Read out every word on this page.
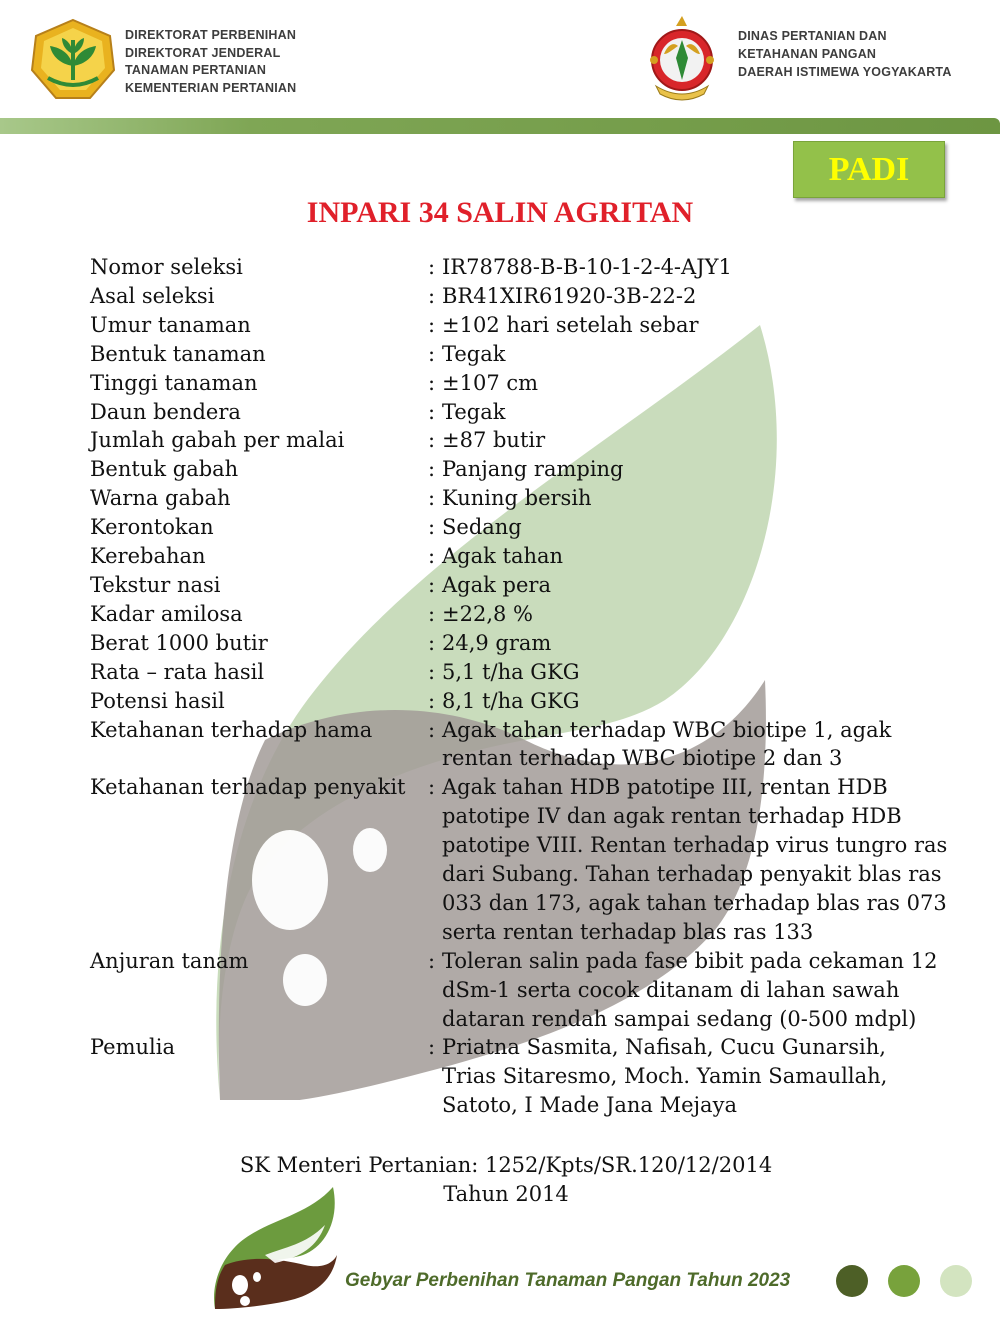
DIREKTORAT PERBENIHAN
DIREKTORAT JENDERAL
TANAMAN PERTANIAN
KEMENTERIAN PERTANIAN
DINAS PERTANIAN DAN
KETAHANAN PANGAN
DAERAH ISTIMEWA YOGYAKARTA
PADI
INPARI 34 SALIN AGRITAN
Nomor seleksi	: IR78788-B-B-10-1-2-4-AJY1
Asal seleksi	: BR41XIR61920-3B-22-2
Umur tanaman	: ±102 hari setelah sebar
Bentuk tanaman	: Tegak
Tinggi tanaman	: ±107 cm
Daun bendera	: Tegak
Jumlah gabah per malai	: ±87 butir
Bentuk gabah	: Panjang ramping
Warna gabah	: Kuning bersih
Kerontokan	: Sedang
Kerebahan	: Agak tahan
Tekstur nasi	: Agak pera
Kadar amilosa	: ±22,8 %
Berat 1000 butir	: 24,9 gram
Rata – rata hasil	: 5,1 t/ha GKG
Potensi hasil	: 8,1 t/ha GKG
Ketahanan terhadap hama	: Agak tahan terhadap WBC biotipe 1, agak
rentan terhadap WBC biotipe 2 dan 3
Ketahanan terhadap penyakit	: Agak tahan HDB patotipe III, rentan HDB
patotipe IV dan agak rentan terhadap HDB
patotipe VIII. Rentan terhadap virus tungro ras
dari Subang. Tahan terhadap penyakit blas ras
033 dan 173, agak tahan terhadap blas ras 073
serta rentan terhadap blas ras 133
Anjuran tanam	: Toleran salin pada fase bibit pada cekaman 12
dSm-1 serta cocok ditanam di lahan sawah
dataran rendah sampai sedang (0-500 mdpl)
Pemulia	: Priatna Sasmita, Nafisah, Cucu Gunarsih,
Trias Sitaresmo, Moch. Yamin Samaullah,
Satoto, I Made Jana Mejaya
SK Menteri Pertanian: 1252/Kpts/SR.120/12/2014
Tahun 2014
Gebyar Perbenihan Tanaman Pangan Tahun 2023
